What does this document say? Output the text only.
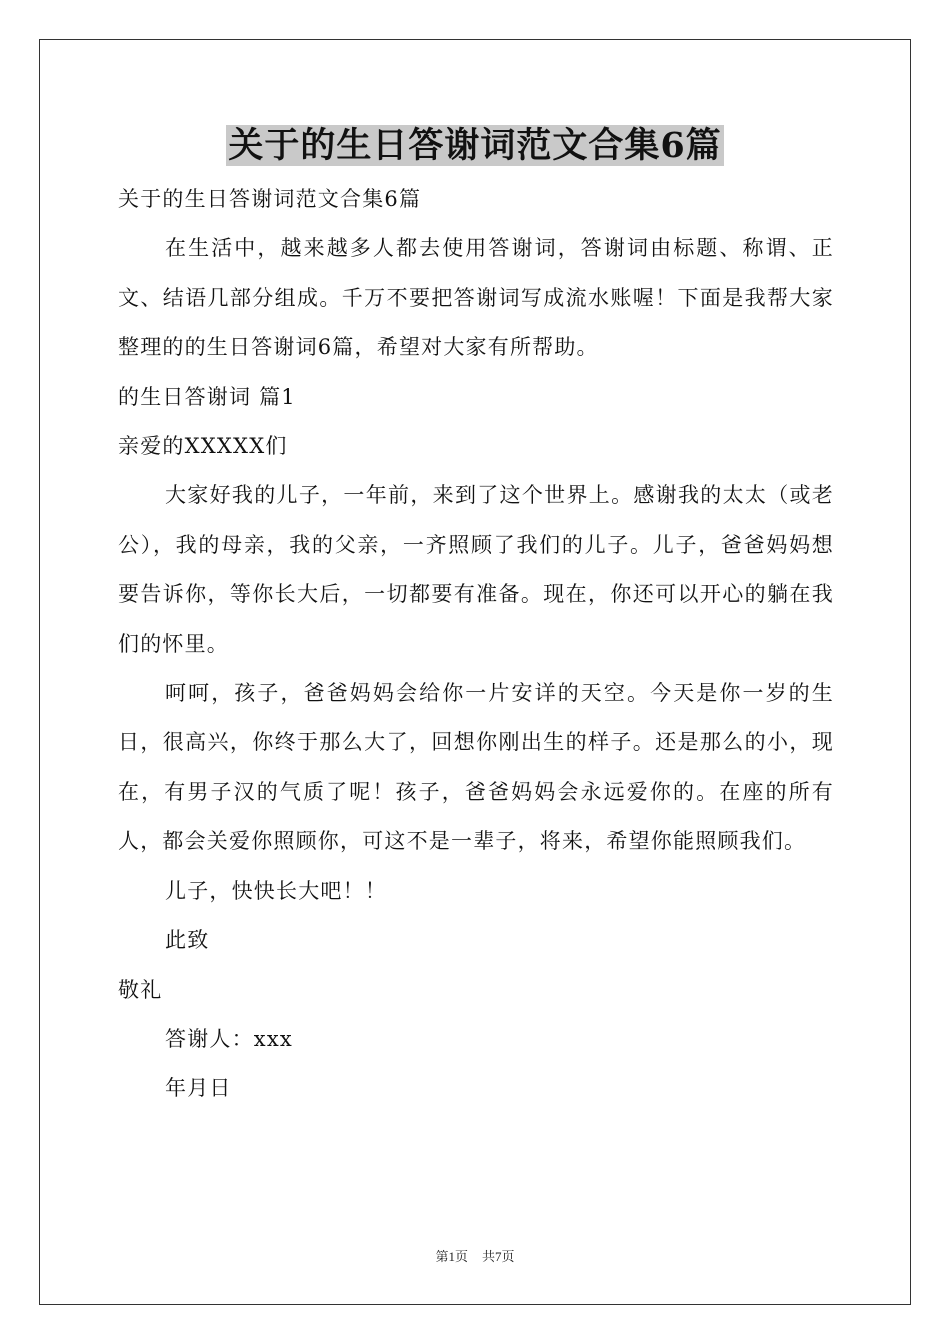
关于的生日答谢词范文合集6篇

关于的生日答谢词范文合集6篇

在生活中，越来越多人都去使用答谢词，答谢词由标题、称谓、正文、结语几部分组成。千万不要把答谢词写成流水账喔！下面是我帮大家整理的的生日答谢词6篇，希望对大家有所帮助。

的生日答谢词 篇1

亲爱的XXXXX们

大家好我的儿子，一年前，来到了这个世界上。感谢我的太太（或老公），我的母亲，我的父亲，一齐照顾了我们的儿子。儿子，爸爸妈妈想要告诉你，等你长大后，一切都要有准备。现在，你还可以开心的躺在我们的怀里。

呵呵，孩子，爸爸妈妈会给你一片安详的天空。今天是你一岁的生日，很高兴，你终于那么大了，回想你刚出生的样子。还是那么的小，现在，有男子汉的气质了呢！孩子，爸爸妈妈会永远爱你的。在座的所有人，都会关爱你照顾你，可这不是一辈子，将来，希望你能照顾我们。

儿子，快快长大吧！！

此致

敬礼

答谢人：xxx

年月日

第1页 共7页
